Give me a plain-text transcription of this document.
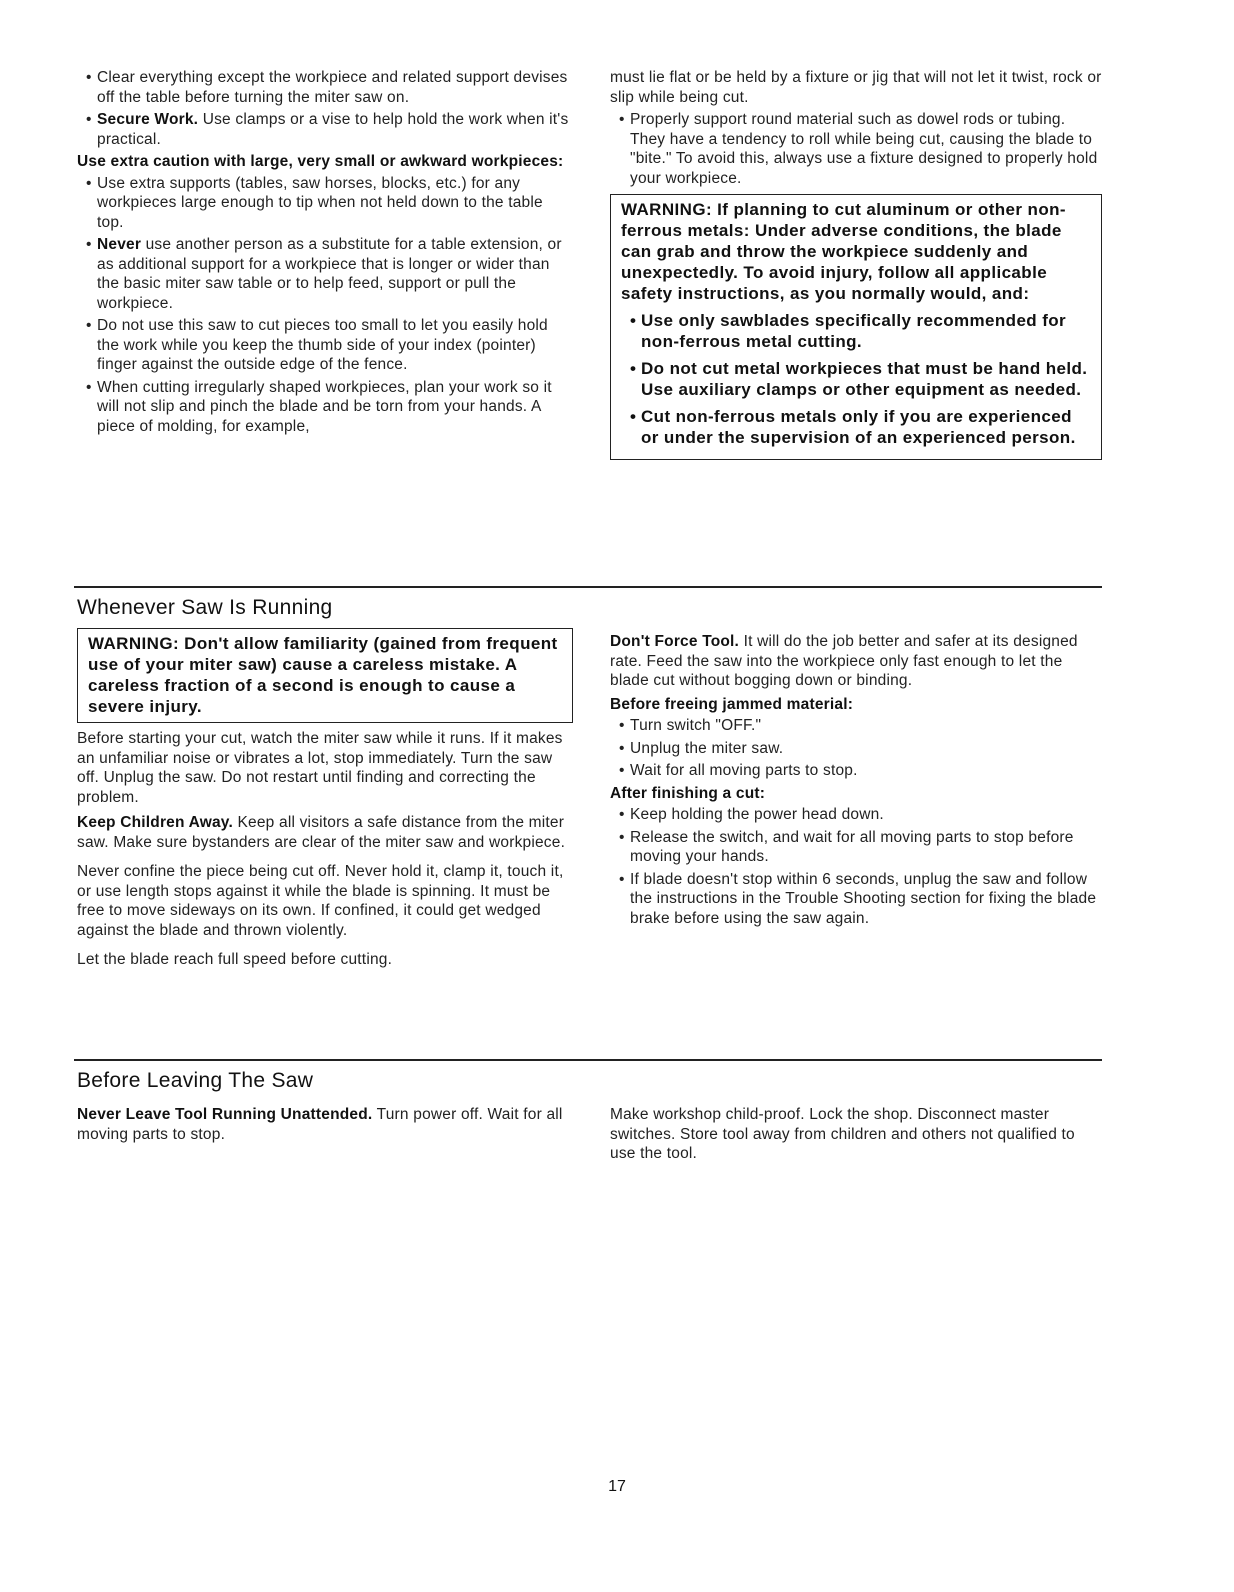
• Clear everything except the workpiece and related support devises off the table before turning the miter saw on.
• Secure Work. Use clamps or a vise to help hold the work when it's practical.
Use extra caution with large, very small or awkward workpieces:
• Use extra supports (tables, saw horses, blocks, etc.) for any workpieces large enough to tip when not held down to the table top.
• Never use another person as a substitute for a table extension, or as additional support for a workpiece that is longer or wider than the basic miter saw table or to help feed, support or pull the workpiece.
• Do not use this saw to cut pieces too small to let you easily hold the work while you keep the thumb side of your index (pointer) finger against the outside edge of the fence.
• When cutting irregularly shaped workpieces, plan your work so it will not slip and pinch the blade and be torn from your hands. A piece of molding, for example,

must lie flat or be held by a fixture or jig that will not let it twist, rock or slip while being cut.

• Properly support round material such as dowel rods or tubing. They have a tendency to roll while being cut, causing the blade to "bite." To avoid this, always use a fixture designed to properly hold your workpiece.
WARNING: If planning to cut aluminum or other non-ferrous metals: Under adverse conditions, the blade can grab and throw the workpiece suddenly and unexpectedly. To avoid injury, follow all applicable safety instructions, as you normally would, and:
• Use only sawblades specifically recommended for non-ferrous metal cutting.
• Do not cut metal workpieces that must be hand held. Use auxiliary clamps or other equipment as needed.
• Cut non-ferrous metals only if you are experienced or under the supervision of an experienced person.
Whenever Saw Is Running
WARNING: Don't allow familiarity (gained from frequent use of your miter saw) cause a careless mistake. A careless fraction of a second is enough to cause a severe injury.

Before starting your cut, watch the miter saw while it runs. If it makes an unfamiliar noise or vibrates a lot, stop immediately. Turn the saw off. Unplug the saw. Do not restart until finding and correcting the problem.

Keep Children Away. Keep all visitors a safe distance from the miter saw. Make sure bystanders are clear of the miter saw and workpiece.

Never confine the piece being cut off. Never hold it, clamp it, touch it, or use length stops against it while the blade is spinning. It must be free to move sideways on its own. If confined, it could get wedged against the blade and thrown violently.

Let the blade reach full speed before cutting.

Don't Force Tool. It will do the job better and safer at its designed rate. Feed the saw into the workpiece only fast enough to let the blade cut without bogging down or binding.

Before freeing jammed material:
• Turn switch "OFF."
• Unplug the miter saw.
• Wait for all moving parts to stop.
After finishing a cut:
• Keep holding the power head down.
• Release the switch, and wait for all moving parts to stop before moving your hands.
• If blade doesn't stop within 6 seconds, unplug the saw and follow the instructions in the Trouble Shooting section for fixing the blade brake before using the saw again.
Before Leaving The Saw

Never Leave Tool Running Unattended. Turn power off. Wait for all moving parts to stop.

Make workshop child-proof. Lock the shop. Disconnect master switches. Store tool away from children and others not qualified to use the tool.

17
